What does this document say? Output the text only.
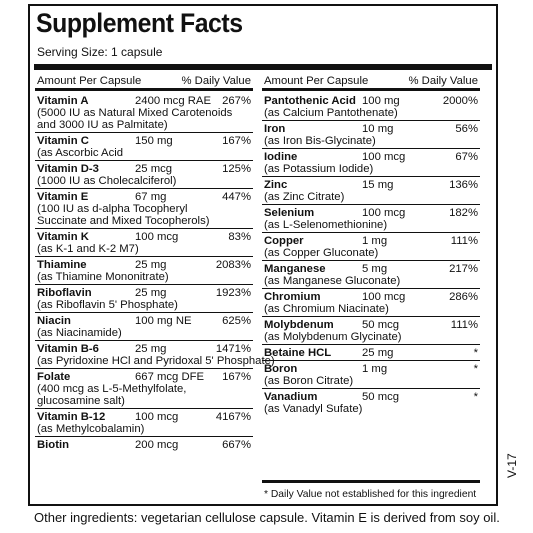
Supplement Facts
Serving Size: 1 capsule
Amount Per Capsule	% Daily Value
Vitamin A	2400 mcg RAE 267%
(5000 IU as Natural Mixed Carotenoids
and 3000 IU as Palmitate)
Vitamin C	150 mg	167%
(as Ascorbic Acid
Vitamin D-3	25 mcg	125%
(1000 IU as Cholecalciferol)
Vitamin E	67 mg	447%
(100 IU as d-alpha Tocopheryl
Succinate and Mixed Tocopherols)
Vitamin K	100 mcg	83%
(as K-1 and K-2 M7)
Thiamine	25 mg	2083%
(as Thiamine Mononitrate)
Riboflavin	25 mg	1923%
(as Riboflavin 5' Phosphate)
Niacin	100 mg NE	625%
(as Niacinamide)
Vitamin B-6	25 mg	1471%
(as Pyridoxine HCl and Pyridoxal 5' Phosphate)
Folate	667 mcg DFE 167%
(400 mcg as L-5-Methylfolate,
glucosamine salt)
Vitamin B-12	100 mcg	4167%
(as Methylcobalamin)
Biotin	200 mcg	667%
Amount Per Capsule	% Daily Value
Pantothenic Acid 100 mg	2000%
(as Calcium Pantothenate)
Iron	10 mg	56%
(as Iron Bis-Glycinate)
Iodine	100 mcg	67%
(as Potassium Iodide)
Zinc	15 mg	136%
(as Zinc Citrate)
Selenium	100 mcg	182%
(as L-Selenomethionine)
Copper	1 mg	111%
(as Copper Gluconate)
Manganese	5 mg	217%
(as Manganese Gluconate)
Chromium	100 mcg	286%
(as Chromium Niacinate)
Molybdenum	50 mcg	111%
(as Molybdenum Glycinate)
Betaine HCL	25 mg	*
Boron	1 mg	*
(as Boron Citrate)
Vanadium	50 mcg	*
(as Vanadyl Sufate)
* Daily Value not established for this ingredient
V-17
Other ingredients: vegetarian cellulose capsule. Vitamin E is derived from soy oil.
